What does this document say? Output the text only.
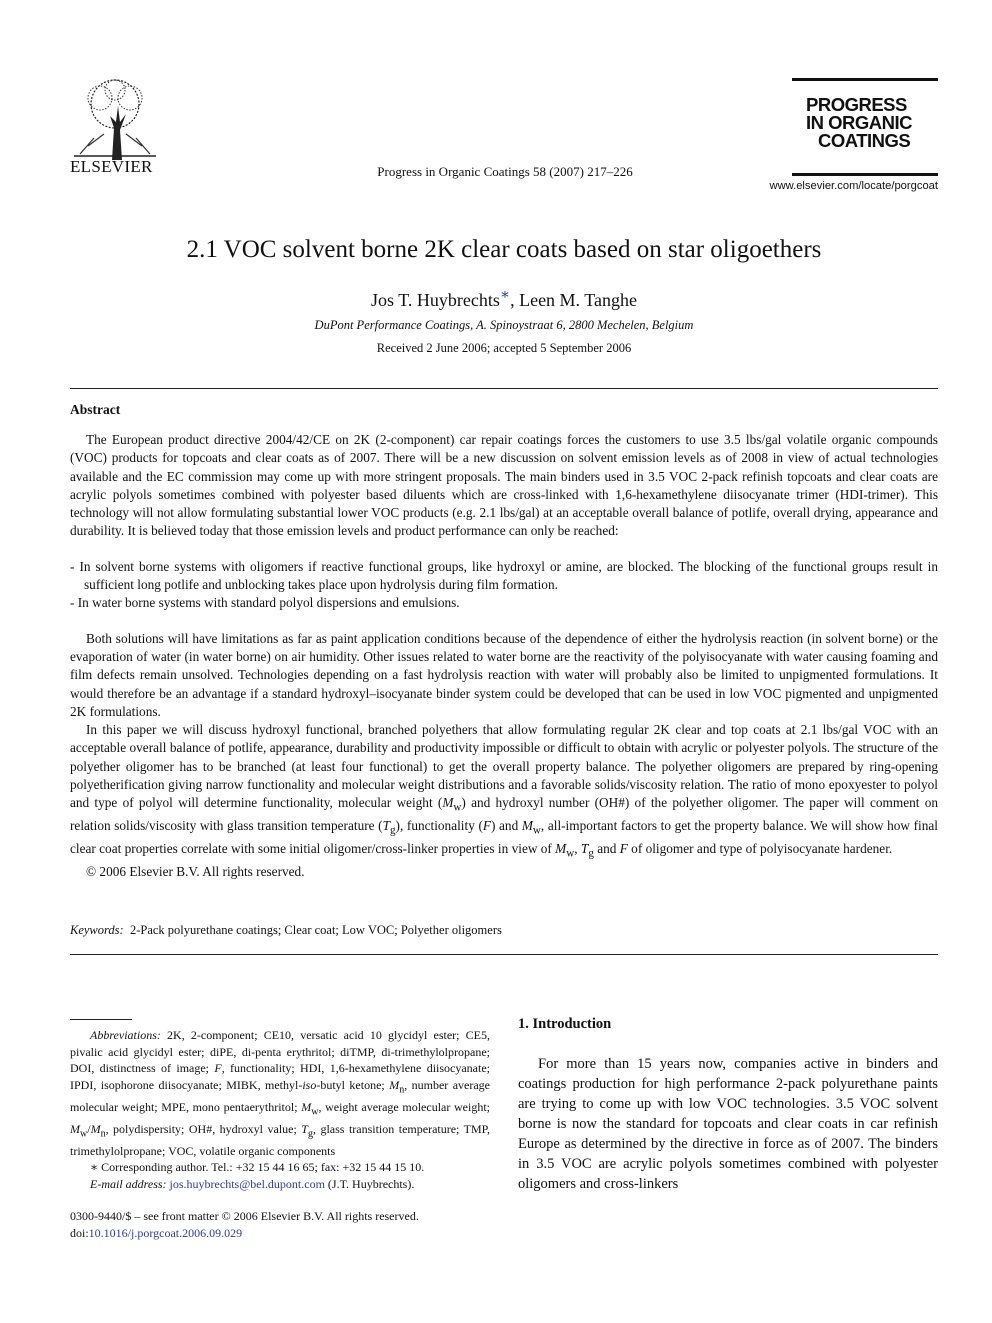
ELSEVIER	Progress in Organic Coatings 58 (2007) 217–226
PROGRESS
IN ORGANIC
COATINGS
www.elsevier.com/locate/porgcoat
2.1 VOC solvent borne 2K clear coats based on star oligoethers
Jos T. Huybrechts∗, Leen M. Tanghe
DuPont Performance Coatings, A. Spinoystraat 6, 2800 Mechelen, Belgium
Received 2 June 2006; accepted 5 September 2006
Abstract

The European product directive 2004/42/CE on 2K (2-component) car repair coatings forces the customers to use 3.5 lbs/gal volatile organic compounds (VOC) products for topcoats and clear coats as of 2007. There will be a new discussion on solvent emission levels as of 2008 in view of actual technologies available and the EC commission may come up with more stringent proposals. The main binders used in 3.5 VOC 2-pack refinish topcoats and clear coats are acrylic polyols sometimes combined with polyester based diluents which are cross-linked with 1,6-hexamethylene diisocyanate trimer (HDI-trimer). This technology will not allow formulating substantial lower VOC products (e.g. 2.1 lbs/gal) at an acceptable overall balance of potlife, overall drying, appearance and durability. It is believed today that those emission levels and product performance can only be reached:

- In solvent borne systems with oligomers if reactive functional groups, like hydroxyl or amine, are blocked. The blocking of the functional groups result in sufficient long potlife and unblocking takes place upon hydrolysis during film formation.
- In water borne systems with standard polyol dispersions and emulsions.

Both solutions will have limitations as far as paint application conditions because of the dependence of either the hydrolysis reaction (in solvent borne) or the evaporation of water (in water borne) on air humidity. Other issues related to water borne are the reactivity of the polyisocyanate with water causing foaming and film defects remain unsolved. Technologies depending on a fast hydrolysis reaction with water will probably also be limited to unpigmented formulations. It would therefore be an advantage if a standard hydroxyl–isocyanate binder system could be developed that can be used in low VOC pigmented and unpigmented 2K formulations.

In this paper we will discuss hydroxyl functional, branched polyethers that allow formulating regular 2K clear and top coats at 2.1 lbs/gal VOC with an acceptable overall balance of potlife, appearance, durability and productivity impossible or difficult to obtain with acrylic or polyester polyols. The structure of the polyether oligomer has to be branched (at least four functional) to get the overall property balance. The polyether oligomers are prepared by ring-opening polyetherification giving narrow functionality and molecular weight distributions and a favorable solids/viscosity relation. The ratio of mono epoxyester to polyol and type of polyol will determine functionality, molecular weight $(M_w)$ and hydroxyl number (OH#) of the polyether oligomer. The paper will comment on relation solids/viscosity with glass transition temperature $(T_g)$, functionality (F) and $M_w$, all-important factors to get the property balance. We will show how final clear coat properties correlate with some initial oligomer/cross-linker properties in view of $M_w$, $T_g$ and F of oligomer and type of polyisocyanate hardener.

© 2006 Elsevier B.V. All rights reserved.

Keywords: 2-Pack polyurethane coatings; Clear coat; Low VOC; Polyether oligomers

Abbreviations: 2K, 2-component; CE10, versatic acid 10 glycidyl ester; CE5, pivalic acid glycidyl ester; diPE, di-penta erythritol; diTMP, di-trimethylolpropane; DOI, distinctness of image; F, functionality; HDI, 1,6-hexamethylene diisocyanate; IPDI, isophorone diisocyanate; MIBK, methyl-iso-butyl ketone; $M_n$, number average molecular weight; MPE, mono pentaerythritol; $M_w$, weight average molecular weight; $M_w/M_n$, polydispersity; OH#, hydroxyl value; $T_g$, glass transition temperature; TMP, trimethylolpropane; VOC, volatile organic components

∗ Corresponding author. Tel.: +32 15 44 16 65; fax: +32 15 44 15 10.

E-mail address: jos.huybrechts@bel.dupont.com (J.T. Huybrechts).

0300-9440/$ – see front matter © 2006 Elsevier B.V. All rights reserved.

doi:10.1016/j.porgcoat.2006.09.029

1. Introduction

For more than 15 years now, companies active in binders and coatings production for high performance 2-pack polyurethane paints are trying to come up with low VOC technologies. 3.5 VOC solvent borne is now the standard for topcoats and clear coats in car refinish Europe as determined by the directive in force as of 2007. The binders in 3.5 VOC are acrylic polyols sometimes combined with polyester oligomers and cross-linkers
